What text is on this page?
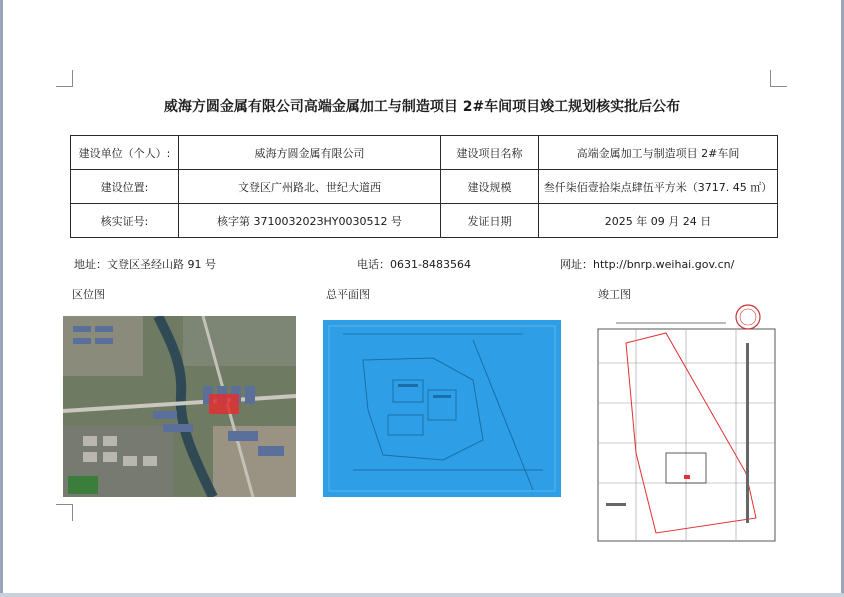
威海方圆金属有限公司高端金属加工与制造项目 2#车间项目竣工规划核实批后公布
建设单位（个人）:	威海方圆金属有限公司	建设项目名称	高端金属加工与制造项目 2#车间
建设位置:	文登区广州路北、世纪大道西	建设规模	叁仟柒佰壹拾柒点肆伍平方米（3717. 45 ㎡）
核实证号:	核字第 371003202ЗНY0030512 号	发证日期	2025 年 09 月 24 日
地址：文登区圣经山路 91 号	电话：0631-8483564	网址：http://bnrp.weihai.gov.cn/
区位图	总平面图	竣工图
